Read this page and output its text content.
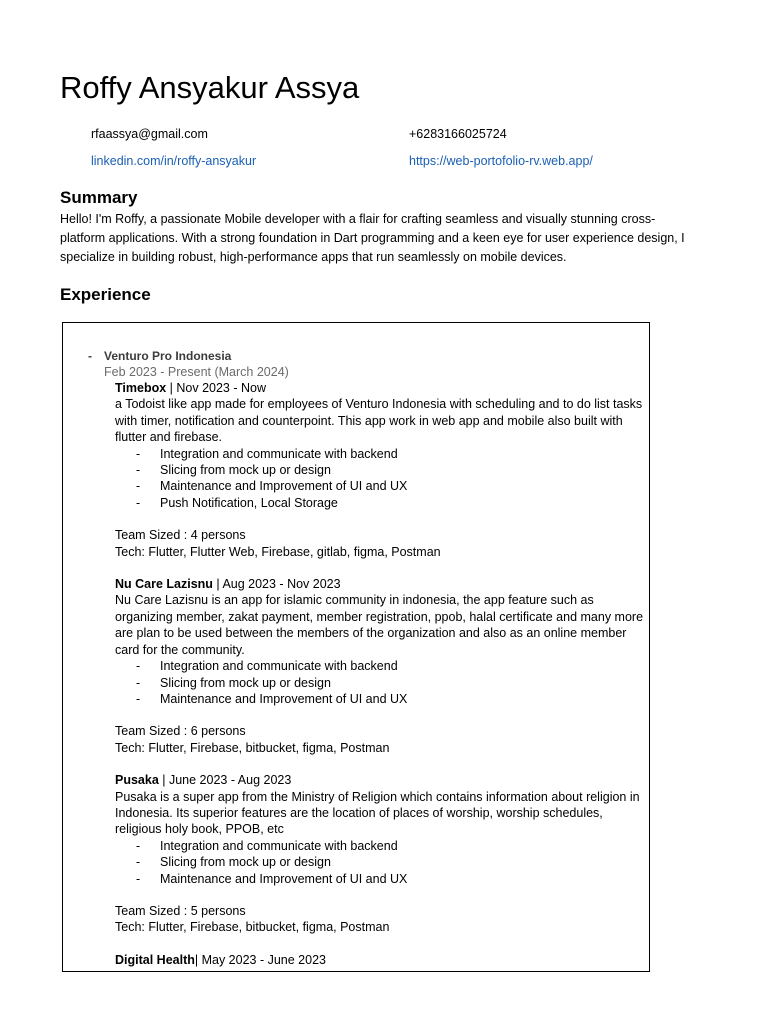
Roffy Ansyakur Assya
rfaassya@gmail.com	+6283166025724
linkedin.com/in/roffy-ansyakur	https://web-portofolio-rv.web.app/
Summary

Hello! I'm Roffy, a passionate Mobile developer with a flair for crafting seamless and visually stunning cross-platform applications. With a strong foundation in Dart programming and a keen eye for user experience design, I specialize in building robust, high-performance apps that run seamlessly on mobile devices.

Experience
- Venturo Pro Indonesia
Feb 2023 - Present (March 2024)
Timebox | Nov 2023 - Now

a Todoist like app made for employees of Venturo Indonesia with scheduling and to do list tasks with timer, notification and counterpoint. This app work in web app and mobile also built with flutter and firebase.

- Integration and communicate with backend
- Slicing from mock up or design
- Maintenance and Improvement of UI and UX
- Push Notification, Local Storage
Team Sized : 4 persons
Tech: Flutter, Flutter Web, Firebase, gitlab, figma, Postman
Nu Care Lazisnu | Aug 2023 - Nov 2023

Nu Care Lazisnu is an app for islamic community in indonesia, the app feature such as organizing member, zakat payment, member registration, ppob, halal certificate and many more are plan to be used between the members of the organization and also as an online member card for the community.

- Integration and communicate with backend
- Slicing from mock up or design
- Maintenance and Improvement of UI and UX
Team Sized : 6 persons
Tech: Flutter, Firebase, bitbucket, figma, Postman
Pusaka | June 2023 - Aug 2023

Pusaka is a super app from the Ministry of Religion which contains information about religion in Indonesia. Its superior features are the location of places of worship, worship schedules, religious holy book, PPOB, etc

- Integration and communicate with backend
- Slicing from mock up or design
- Maintenance and Improvement of UI and UX
Team Sized : 5 persons
Tech: Flutter, Firebase, bitbucket, figma, Postman
Digital Health| May 2023 - June 2023
